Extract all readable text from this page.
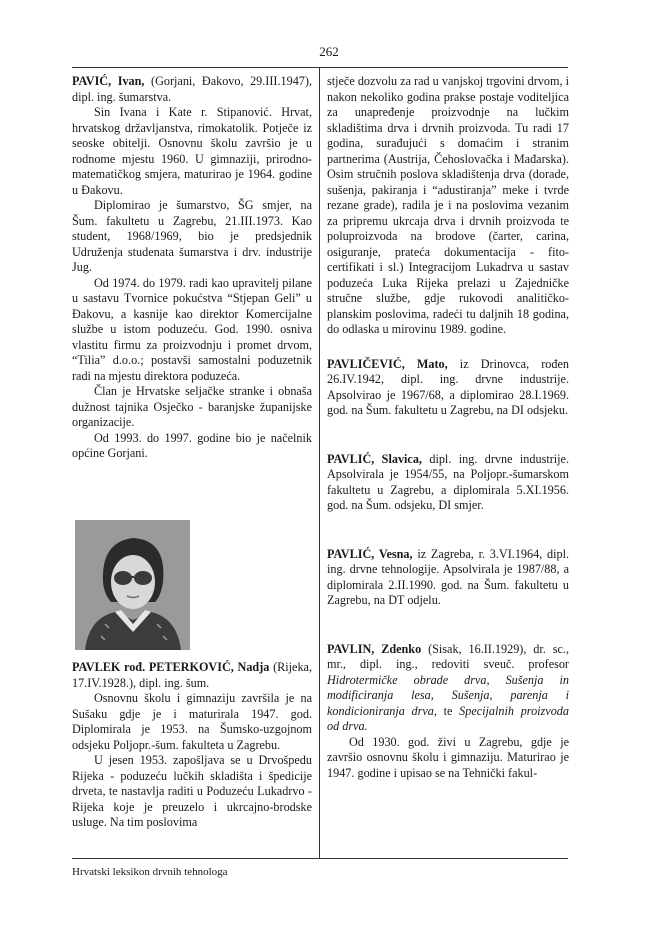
262

PAVIĆ, Ivan, (Gorjani, Đakovo, 29.III.1947), dipl. ing. šumarstva.

Sin Ivana i Kate r. Stipanović. Hrvat, hrvatskog državljanstva, rimokatolik. Potječe iz seoske obitelji. Osnovnu školu završio je u rodnome mjestu 1960. U gimnaziji, prirodno-matematičkog smjera, maturirao je 1964. godine u Đakovu.

Diplomirao je šumarstvo, ŠG smjer, na Šum. fakultetu u Zagrebu, 21.III.1973. Kao student, 1968/1969, bio je predsjednik Udruženja studenata šumarstva i drv. industrije Jug.

Od 1974. do 1979. radi kao upravitelj pilane u sastavu Tvornice pokućstva “Stjepan Geli” u Đakovu, a kasnije kao direktor Komercijalne službe u istom poduzeću. God. 1990. osniva vlastitu firmu za proizvodnju i promet drvom, “Tilia” d.o.o.; postavši samostalni poduzetnik radi na mjestu direktora poduzeća.

Član je Hrvatske seljačke stranke i obnaša dužnost tajnika Osječko - baranjske županijske organizacije.

Od 1993. do 1997. godine bio je načelnik općine Gorjani.

PAVLEK rođ. PETERKOVIĆ, Nadja (Rijeka, 17.IV.1928.), dipl. ing. šum.

Osnovnu školu i gimnaziju završila je na Sušaku gdje je i maturirala 1947. god. Diplomirala je 1953. na Šumsko-uzgojnom odsjeku Poljopr.-šum. fakulteta u Zagrebu.

U jesen 1953. zapošljava se u Drvošpedu Rijeka - poduzeću lučkih skladišta i špedicije drveta, te nastavlja raditi u Poduzeću Lukadrvo - Rijeka koje je preuzelo i ukrcajno-brodske usluge. Na tim poslovima

stječe dozvolu za rad u vanjskoj trgovini drvom, i nakon nekoliko godina prakse postaje voditeljica za unapređenje proizvodnje na lučkim skladištima drva i drvnih proizvoda. Tu radi 17 godina, surađujući s domaćim i stranim partnerima (Austrija, Čehoslovačka i Mađarska). Osim stručnih poslova skladištenja drva (dorade, sušenja, pakiranja i “adustiranja” meke i tvrde rezane grade), radila je i na poslovima vezanim za pripremu ukrcaja drva i drvnih proizvoda te poluproizvoda na brodove (čarter, carina, osiguranje, prateća dokumentacija - fito-certifikati i sl.) Integracijom Lukadrva u sastav poduzeća Luka Rijeka prelazi u Zajedničke stručne službe, gdje rukovodi analitičko-planskim poslovima, radeći tu daljnih 18 godina, do odlaska u mirovinu 1989. godine.

PAVLIČEVIĆ, Mato, iz Drinovca, rođen 26.IV.1942, dipl. ing. drvne industrije. Apsolvirao je 1967/68, a diplomirao 28.I.1969. god. na Šum. fakultetu u Zagrebu, na DI odsjeku.

PAVLIĆ, Slavica, dipl. ing. drvne industrije. Apsolvirala je 1954/55, na Poljopr.-šumarskom fakultetu u Zagrebu, a diplomirala 5.XI.1956. god. na Šum. odsjeku, DI smjer.

PAVLIĆ, Vesna, iz Zagreba, r. 3.VI.1964, dipl. ing. drvne tehnologije. Apsolvirala je 1987/88, a diplomirala 2.II.1990. god. na Šum. fakultetu u Zagrebu, na DT odjelu.

PAVLIN, Zdenko (Sisak, 16.II.1929), dr. sc., mr., dipl. ing., redoviti sveuč. profesor Hidrotermičke obrade drva, Sušenja in modificiranja lesa, Sušenja, parenja i kondicioniranja drva, te Specijalnih proizvoda od drva.

Od 1930. god. živi u Zagrebu, gdje je završio osnovnu školu i gimnaziju. Maturirao je 1947. godine i upisao se na Tehnički fakul-

Hrvatski leksikon drvnih tehnologa
